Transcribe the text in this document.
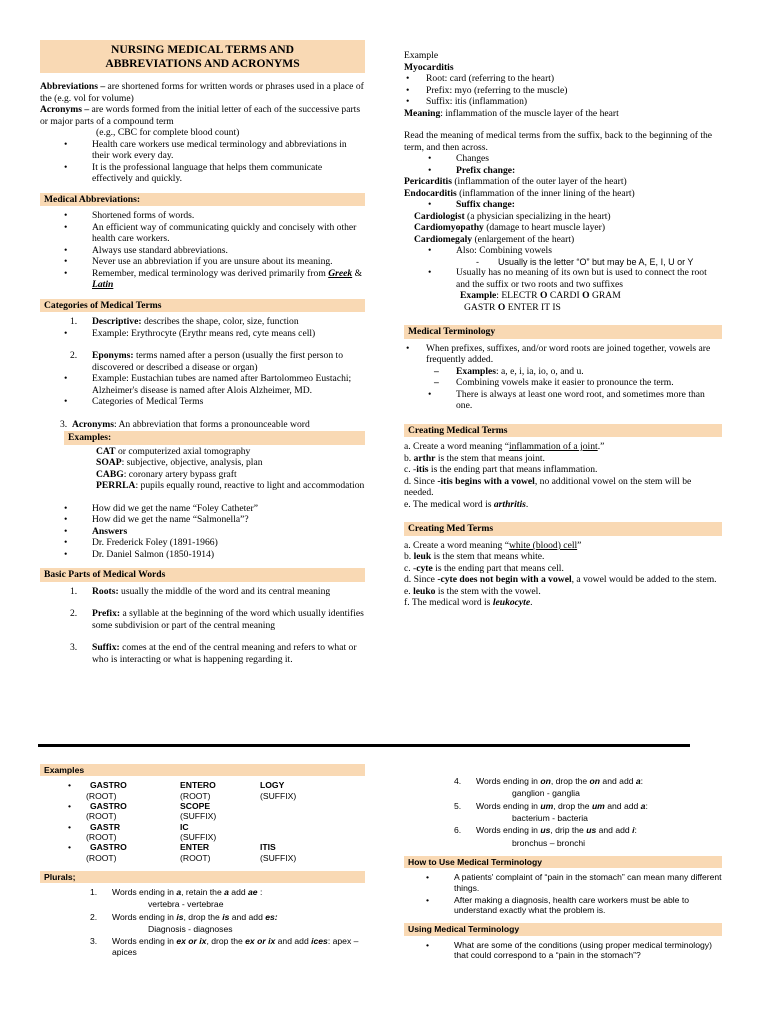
NURSING MEDICAL TERMS AND
ABBREVIATIONS AND ACRONYMS
Abbreviations – are shortened forms for written words or phrases used in a place of the (e.g. vol for volume)
Acronyms – are words formed from the initial letter of each of the successive parts or major parts of a compound term
(e.g., CBC for complete blood count)
• Health care workers use medical terminology and abbreviations in their work every day.
• It is the professional language that helps them communicate effectively and quickly.
Medical Abbreviations:
• Shortened forms of words.
• An efficient way of communicating quickly and concisely with other health care workers.
• Always use standard abbreviations.
• Never use an abbreviation if you are unsure about its meaning.
• Remember, medical terminology was derived primarily from Greek & Latin
Categories of Medical Terms
1. Descriptive: describes the shape, color, size, function
• Example: Erythrocyte (Erythr means red, cyte means cell)
2. Eponyms: terms named after a person (usually the first person to discovered or described a disease or organ)
• Example: Eustachian tubes are named after Bartolommeo Eustachi; Alzheimer's disease is named after Alois Alzheimer, MD.
• Categories of Medical Terms
3. Acronyms: An abbreviation that forms a pronounceable word
Examples:
CAT or computerized axial tomography
SOAP: subjective, objective, analysis, plan
CABG: coronary artery bypass graft
PERRLA: pupils equally round, reactive to light and accommodation
• How did we get the name “Foley Catheter”
• How did we get the name “Salmonella”?
• Answers
• Dr. Frederick Foley (1891-1966)
• Dr. Daniel Salmon (1850-1914)
Basic Parts of Medical Words
1. Roots: usually the middle of the word and its central meaning
2. Prefix: a syllable at the beginning of the word which usually identifies some subdivision or part of the central meaning
3. Suffix: comes at the end of the central meaning and refers to what or who is interacting or what is happening regarding it.
Example
Myocarditis
• Root: card (referring to the heart)
• Prefix: myo (referring to the muscle)
• Suffix: itis (inflammation)
Meaning: inflammation of the muscle layer of the heart
Read the meaning of medical terms from the suffix, back to the beginning of the term, and then across.
• Changes
• Prefix change:
Pericarditis (inflammation of the outer layer of the heart)
Endocarditis (inflammation of the inner lining of the heart)
• Suffix change:
Cardiologist (a physician specializing in the heart)
Cardiomyopathy (damage to heart muscle layer)
Cardiomegaly (enlargement of the heart)
• Also: Combining vowels
- Usually is the letter “O” but may be A, E, I, U or Y
• Usually has no meaning of its own but is used to connect the root and the suffix or two roots and two suffixes
Example: ELECTR O CARDI O GRAM
GASTR O ENTER IT IS
Medical Terminology
• When prefixes, suffixes, and/or word roots are joined together, vowels are frequently added.
– Examples: a, e, i, ia, io, o, and u.
– Combining vowels make it easier to pronounce the term.
• There is always at least one word root, and sometimes more than one.
Creating Medical Terms
a. Create a word meaning “inflammation of a joint.”
b. arthr is the stem that means joint.
c. -itis is the ending part that means inflammation.
d. Since -itis begins with a vowel, no additional vowel on the stem will be needed.
e. The medical word is arthritis.
Creating Med Terms
a. Create a word meaning “white (blood) cell”
b. leuk is the stem that means white.
c. -cyte is the ending part that means cell.
d. Since -cyte does not begin with a vowel, a vowel would be added to the stem.
e. leuko is the stem with the vowel.
f. The medical word is leukocyte.
Examples
•	GASTRO	ENTERO	LOGY
(ROOT)	(ROOT)	(SUFFIX)
•	GASTRO	SCOPE
(ROOT)	(SUFFIX)
•	GASTR	IC
(ROOT)	(SUFFIX)
•	GASTRO	ENTER	ITIS
(ROOT)	(ROOT)	(SUFFIX)
Plurals;
1. Words ending in a, retain the a add ae :
vertebra - vertebrae
2. Words ending in is, drop the is and add es:
Diagnosis - diagnoses
3. Words ending in ex or ix, drop the ex or ix and add ices: apex – apices
4. Words ending in on, drop the on and add a:
ganglion - ganglia
5. Words ending in um, drop the um and add a:
bacterium - bacteria
6. Words ending in us, drip the us and add i:
bronchus – bronchi
How to Use Medical Terminology
• A patients' complaint of “pain in the stomach” can mean many different things.
• After making a diagnosis, health care workers must be able to understand exactly what the problem is.
Using Medical Terminology
• What are some of the conditions (using proper medical terminology) that could correspond to a “pain in the stomach”?
